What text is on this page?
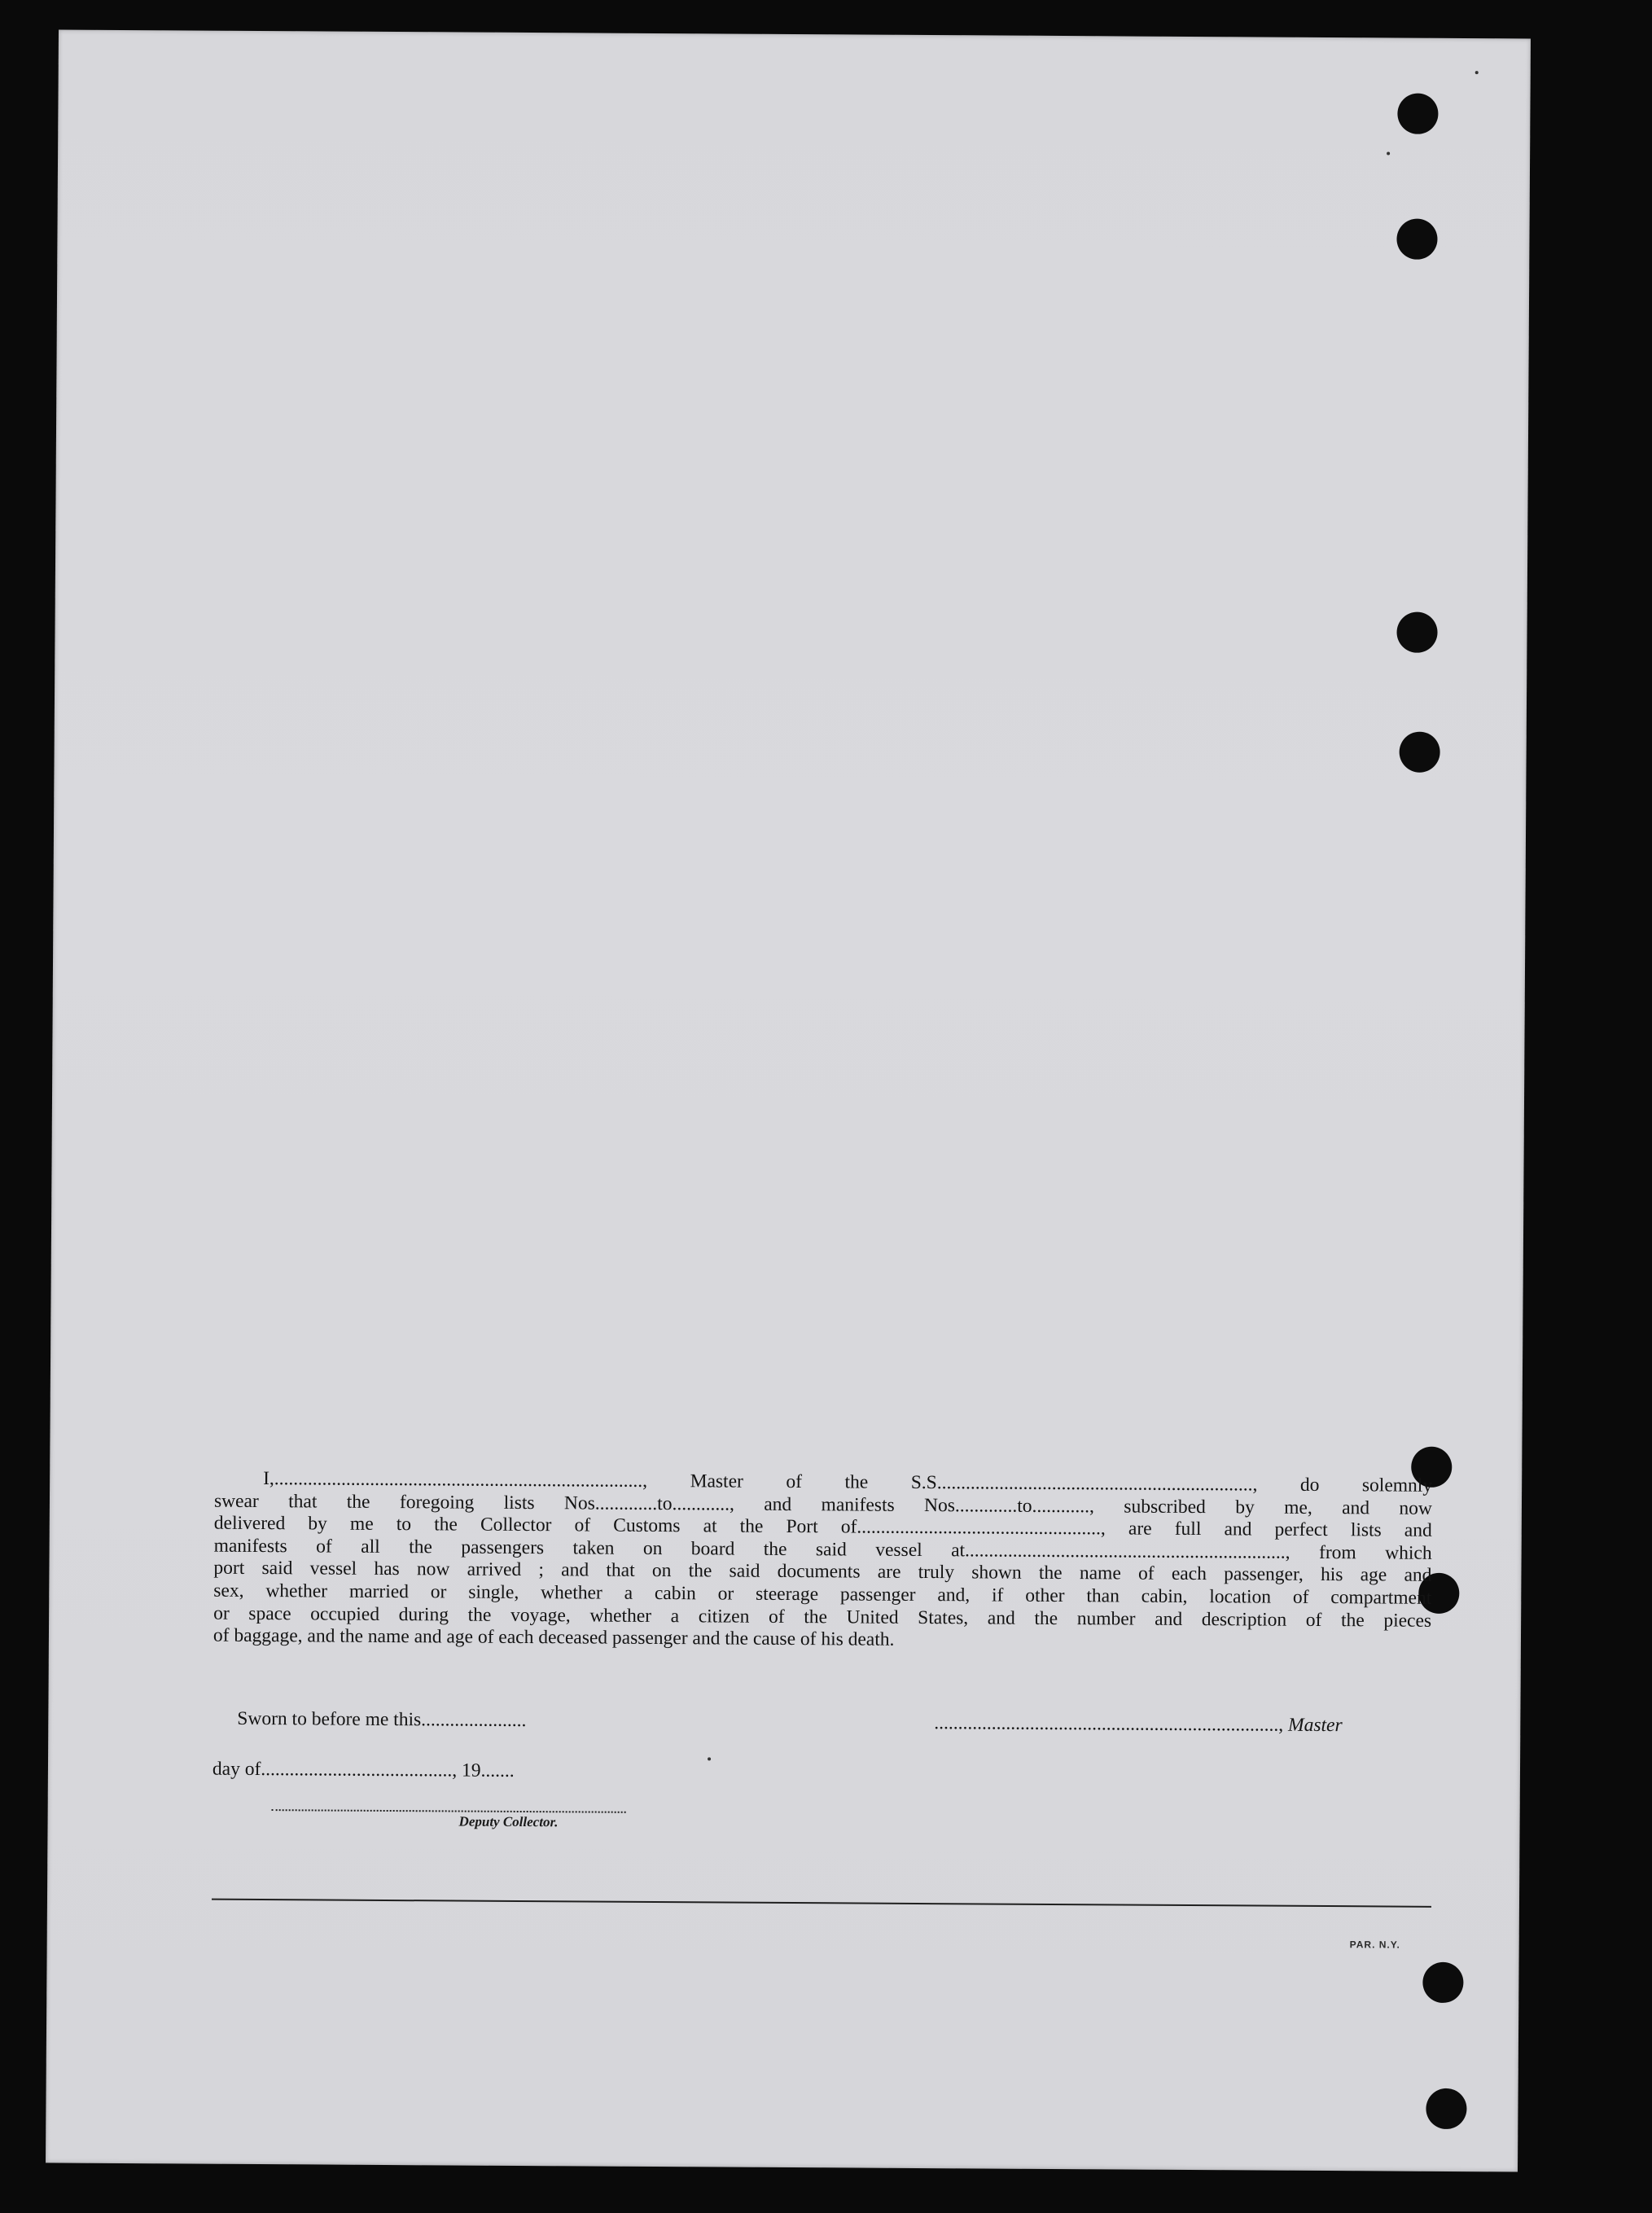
I,............................................................................., Master of the S.S.................................................................., do solemnly
swear that the foregoing lists Nos.............to............, and manifests Nos.............to............, subscribed by me, and now
delivered by me to the Collector of Customs at the Port of..................................................., are full and perfect lists and
manifests of all the passengers taken on board the said vessel at..................................................................., from which
port said vessel has now arrived ; and that on the said documents are truly shown the name of each passenger, his age and
sex, whether married or single, whether a cabin or steerage passenger and, if other than cabin, location of compartment
or space occupied during the voyage, whether a citizen of the United States, and the number and description of the pieces
of baggage, and the name and age of each deceased passenger and the cause of his death.
Sworn to before me this......................	........................................................................, Master
day of........................................, 19.......
Deputy Collector.
PAR. N.Y.
